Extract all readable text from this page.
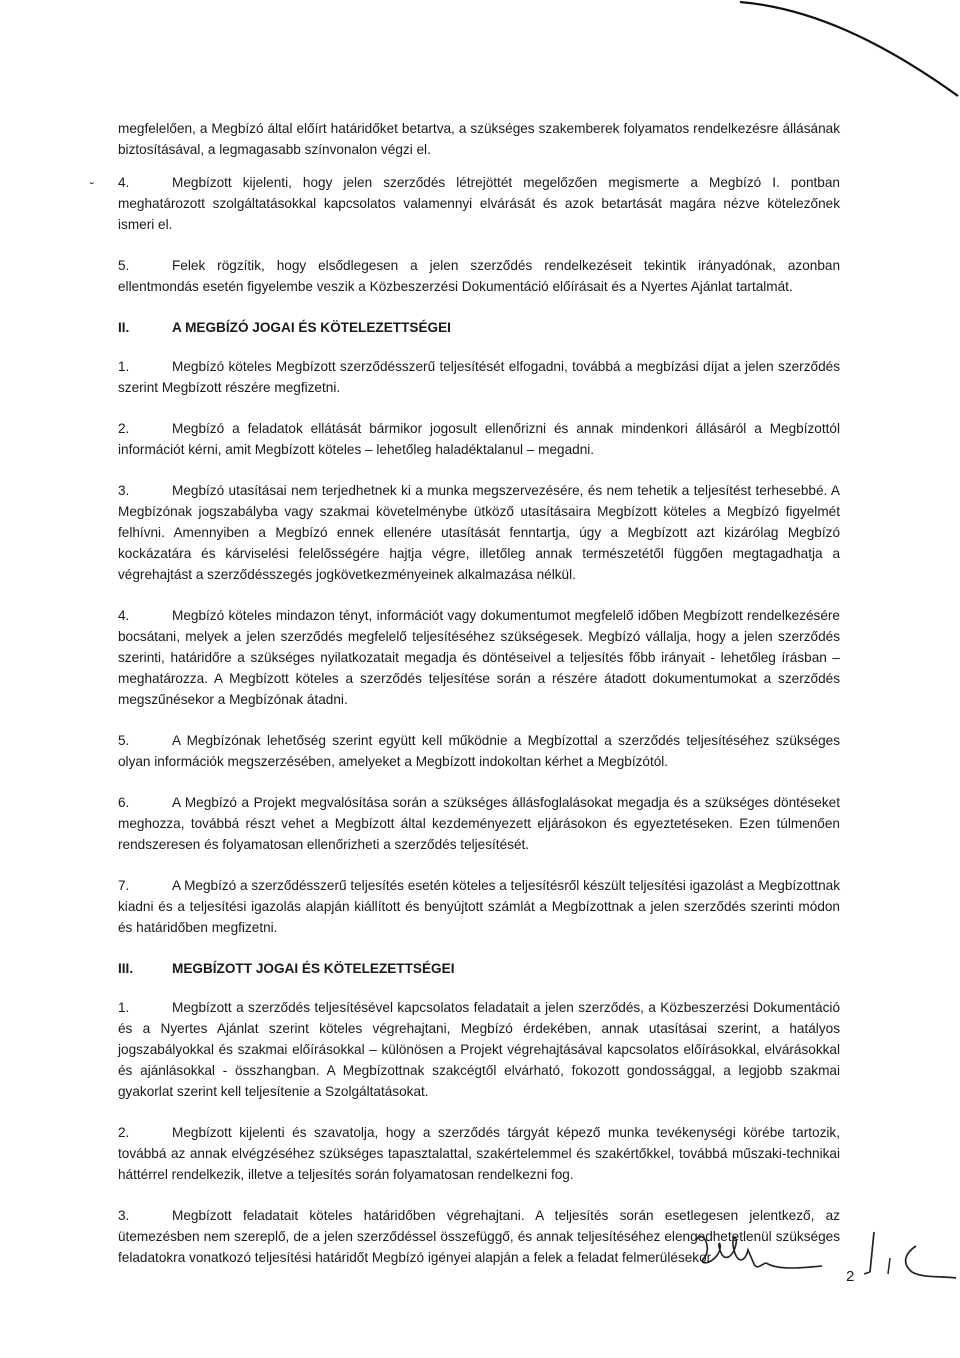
˘

megfelelően, a Megbízó által előírt határidőket betartva, a szükséges szakemberek folyamatos rendelkezésre állásának biztosításával, a legmagasabb színvonalon végzi el.

4.	Megbízott kijelenti, hogy jelen szerződés létrejöttét megelőzően megismerte a Megbízó I. pontban meghatározott szolgáltatásokkal kapcsolatos valamennyi elvárását és azok betartását magára nézve kötelezőnek ismeri el.

5.	Felek rögzítik, hogy elsődlegesen a jelen szerződés rendelkezéseit tekintik irányadónak, azonban ellentmondás esetén figyelembe veszik a Közbeszerzési Dokumentáció előírásait és a Nyertes Ajánlat tartalmát.

II.	A MEGBÍZÓ JOGAI ÉS KÖTELEZETTSÉGEI

1.	Megbízó köteles Megbízott szerződésszerű teljesítését elfogadni, továbbá a megbízási díjat a jelen szerződés szerint Megbízott részére megfizetni.

2.	Megbízó a feladatok ellátását bármikor jogosult ellenőrizni és annak mindenkori állásáról a Megbízottól információt kérni, amit Megbízott köteles – lehetőleg haladéktalanul – megadni.

3.	Megbízó utasításai nem terjedhetnek ki a munka megszervezésére, és nem tehetik a teljesítést terhesebbé. A Megbízónak jogszabályba vagy szakmai követelménybe ütköző utasításaira Megbízott köteles a Megbízó figyelmét felhívni. Amennyiben a Megbízó ennek ellenére utasítását fenntartja, úgy a Megbízott azt kizárólag Megbízó kockázatára és kárviselési felelősségére hajtja végre, illetőleg annak természetétől függően megtagadhatja a végrehajtást a szerződésszegés jogkövetkezményeinek alkalmazása nélkül.

4.	Megbízó köteles mindazon tényt, információt vagy dokumentumot megfelelő időben Megbízott rendelkezésére bocsátani, melyek a jelen szerződés megfelelő teljesítéséhez szükségesek. Megbízó vállalja, hogy a jelen szerződés szerinti, határidőre a szükséges nyilatkozatait megadja és döntéseivel a teljesítés főbb irányait - lehetőleg írásban – meghatározza. A Megbízott köteles a szerződés teljesítése során a részére átadott dokumentumokat a szerződés megszűnésekor a Megbízónak átadni.

5.	A Megbízónak lehetőség szerint együtt kell működnie a Megbízottal a szerződés teljesítéséhez szükséges olyan információk megszerzésében, amelyeket a Megbízott indokoltan kérhet a Megbízótól.

6.	A Megbízó a Projekt megvalósítása során a szükséges állásfoglalásokat megadja és a szükséges döntéseket meghozza, továbbá részt vehet a Megbízott által kezdeményezett eljárásokon és egyeztetéseken. Ezen túlmenően rendszeresen és folyamatosan ellenőrizheti a szerződés teljesítését.

7.	A Megbízó a szerződésszerű teljesítés esetén köteles a teljesítésről készült teljesítési igazolást a Megbízottnak kiadni és a teljesítési igazolás alapján kiállított és benyújtott számlát a Megbízottnak a jelen szerződés szerinti módon és határidőben megfizetni.

III.	MEGBÍZOTT JOGAI ÉS KÖTELEZETTSÉGEI

1.	Megbízott a szerződés teljesítésével kapcsolatos feladatait a jelen szerződés, a Közbeszerzési Dokumentáció és a Nyertes Ajánlat szerint köteles végrehajtani, Megbízó érdekében, annak utasításai szerint, a hatályos jogszabályokkal és szakmai előírásokkal – különösen a Projekt végrehajtásával kapcsolatos előírásokkal, elvárásokkal és ajánlásokkal - összhangban. A Megbízottnak szakcégtől elvárható, fokozott gondossággal, a legjobb szakmai gyakorlat szerint kell teljesítenie a Szolgáltatásokat.

2.	Megbízott kijelenti és szavatolja, hogy a szerződés tárgyát képező munka tevékenységi körébe tartozik, továbbá az annak elvégzéséhez szükséges tapasztalattal, szakértelemmel és szakértőkkel, továbbá műszaki-technikai háttérrel rendelkezik, illetve a teljesítés során folyamatosan rendelkezni fog.

3.	Megbízott feladatait köteles határidőben végrehajtani. A teljesítés során esetlegesen jelentkező, az ütemezésben nem szereplő, de a jelen szerződéssel összefüggő, és annak teljesítéséhez elengedhetetlenül szükséges feladatokra vonatkozó teljesítési határidőt Megbízó igényei alapján a felek a feladat felmerülésekor

2
